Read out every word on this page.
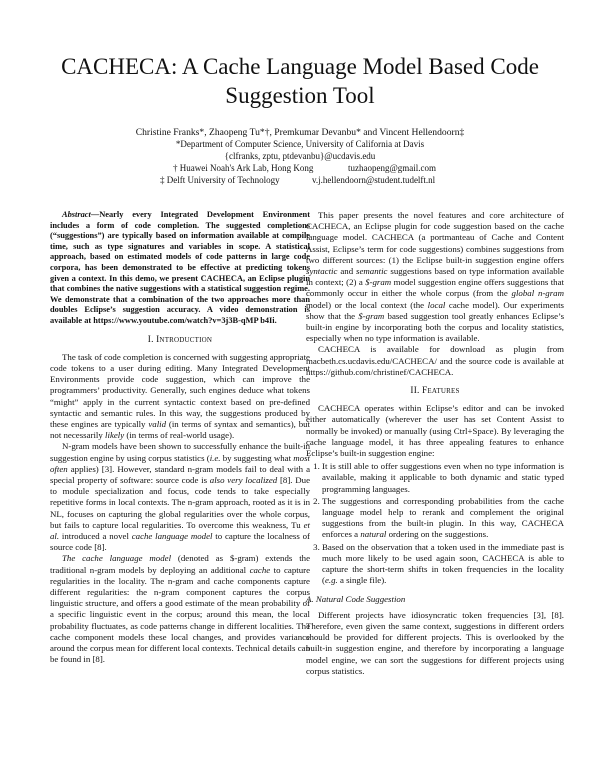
CACHECA: A Cache Language Model Based Code Suggestion Tool
Christine Franks*, Zhaopeng Tu*†, Premkumar Devanbu* and Vincent Hellendoorn‡
*Department of Computer Science, University of California at Davis
{clfranks, zptu, ptdevanbu}@ucdavis.edu
† Huawei Noah's Ark Lab, Hong Kong	tuzhaopeng@gmail.com
‡ Delft University of Technology	v.j.hellendoorn@student.tudelft.nl

Abstract—Nearly every Integrated Development Environment includes a form of code completion. The suggested completions (“suggestions”) are typically based on information available at compile time, such as type signatures and variables in scope. A statistical approach, based on estimated models of code patterns in large code corpora, has been demonstrated to be effective at predicting tokens given a context. In this demo, we present CACHECA, an Eclipse plugin that combines the native suggestions with a statistical suggestion regime. We demonstrate that a combination of the two approaches more than doubles Eclipse’s suggestion accuracy. A video demonstration is available at https://www.youtube.com/watch?v=3j3B-qMP b4Ii.

I. Introduction

The task of code completion is concerned with suggesting appropriate code tokens to a user during editing. Many Integrated Development Environments provide code suggestion, which can improve the programmers’ productivity. Generally, such engines deduce what tokens “might” apply in the current syntactic context based on pre-defined syntactic and semantic rules. In this way, the suggestions produced by these engines are typically valid (in terms of syntax and semantics), but not necessarily likely (in terms of real-world usage).

N-gram models have been shown to successfully enhance the built-in suggestion engine by using corpus statistics (i.e. by suggesting what most often applies) [3]. However, standard n-gram models fail to deal with a special property of software: source code is also very localized [8]. Due to module specialization and focus, code tends to take especially repetitive forms in local contexts. The n-gram approach, rooted as it is in NL, focuses on capturing the global regularities over the whole corpus, but fails to capture local regularities. To overcome this weakness, Tu et al. introduced a novel cache language model to capture the localness of source code [8].

The cache language model (denoted as $-gram) extends the traditional n-gram models by deploying an additional cache to capture regularities in the locality. The n-gram and cache components capture different regularities: the n-gram component captures the corpus linguistic structure, and offers a good estimate of the mean probability of a specific linguistic event in the corpus; around this mean, the local probability fluctuates, as code patterns change in different localities. The cache component models these local changes, and provides variance around the corpus mean for different local contexts. Technical details can be found in [8].

This paper presents the novel features and core architecture of CACHECA, an Eclipse plugin for code suggestion based on the cache language model. CACHECA (a portmanteau of Cache and Content Assist, Eclipse’s term for code suggestions) combines suggestions from two different sources: (1) the Eclipse built-in suggestion engine offers syntactic and semantic suggestions based on type information available in context; (2) a $-gram model suggestion engine offers suggestions that commonly occur in either the whole corpus (from the global n-gram model) or the local context (the local cache model). Our experiments show that the $-gram based suggestion tool greatly enhances Eclipse’s built-in engine by incorporating both the corpus and locality statistics, especially when no type information is available.

CACHECA is available for download as plugin from macbeth.cs.ucdavis.edu/CACHECA/ and the source code is available at https://github.com/christinef/CACHECA.

II. Features

CACHECA operates within Eclipse’s editor and can be invoked either automatically (wherever the user has set Content Assist to normally be invoked) or manually (using Ctrl+Space). By leveraging the cache language model, it has three appealing features to enhance Eclipse’s built-in suggestion engine:

1. It is still able to offer suggestions even when no type information is available, making it applicable to both dynamic and static typed programming languages.
2. The suggestions and corresponding probabilities from the cache language model help to rerank and complement the original suggestions from the built-in plugin. In this way, CACHECA enforces a natural ordering on the suggestions.
3. Based on the observation that a token used in the immediate past is much more likely to be used again soon, CACHECA is able to capture the short-term shifts in token frequencies in the locality (e.g. a single file).
A. Natural Code Suggestion

Different projects have idiosyncratic token frequencies [3], [8]. Therefore, even given the same context, suggestions in different orders should be provided for different projects. This is overlooked by the built-in suggestion engine, and therefore by incorporating a language model engine, we can sort the suggestions for different projects using corpus statistics.
